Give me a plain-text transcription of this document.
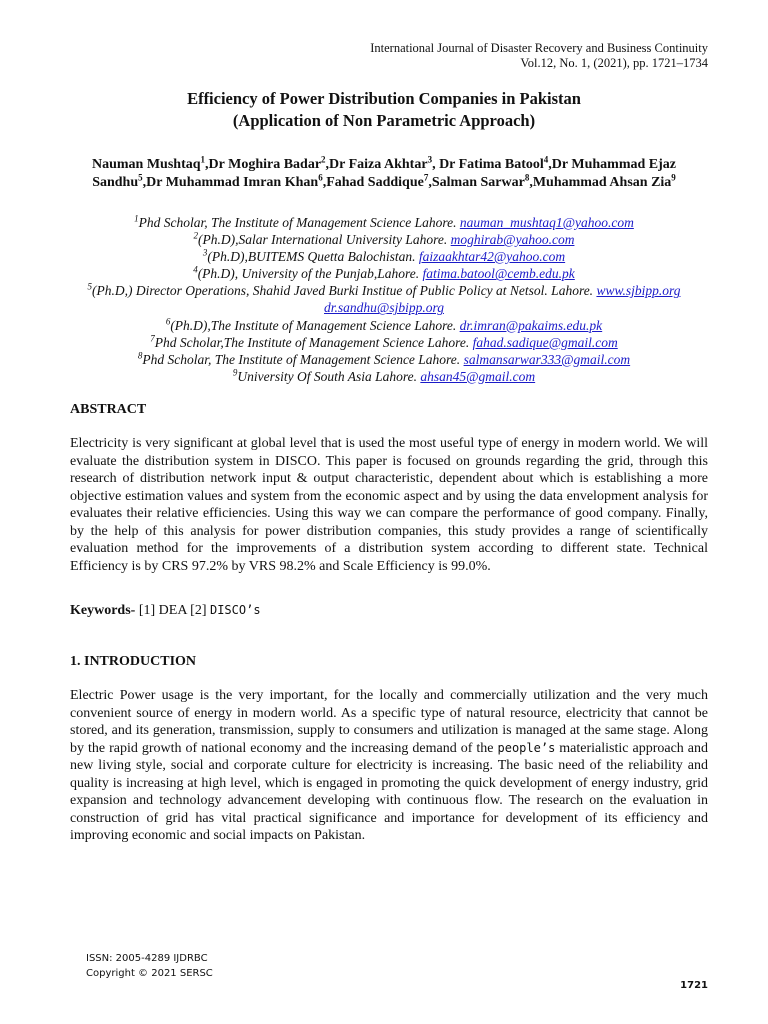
International Journal of Disaster Recovery and Business Continuity
Vol.12, No. 1, (2021), pp. 1721–1734
Efficiency of Power Distribution Companies in Pakistan
(Application of Non Parametric Approach)
Nauman Mushtaq$^1$,Dr Moghira Badar$^2$,Dr Faiza Akhtar$^3$, Dr Fatima Batool$^4$,Dr Muhammad Ejaz Sandhu$^5$,Dr Muhammad Imran Khan$^6$,Fahad Saddique$^7$,Salman Sarwar$^8$,Muhammad Ahsan Zia$^9$
$^1$Phd Scholar, The Institute of Management Science Lahore. nauman_mushtaq1@yahoo.com
$^2$(Ph.D),Salar International University Lahore. moghirab@yahoo.com
$^3$(Ph.D),BUITEMS Quetta Balochistan. faizaakhtar42@yahoo.com
$^4$(Ph.D), University of the Punjab,Lahore. fatima.batool@cemb.edu.pk
$^5$(Ph.D,) Director Operations, Shahid Javed Burki Institue of Public Policy at Netsol. Lahore. www.sjbipp.org dr.sandhu@sjbipp.org
$^6$(Ph.D),The Institute of Management Science Lahore. dr.imran@pakaims.edu.pk
$^7$Phd Scholar,The Institute of Management Science Lahore. fahad.sadique@gmail.com
$^8$Phd Scholar, The Institute of Management Science Lahore. salmansarwar333@gmail.com
$^9$University Of South Asia Lahore. ahsan45@gmail.com
ABSTRACT
Electricity is very significant at global level that is used the most useful type of energy in modern world. We will evaluate the distribution system in DISCO. This paper is focused on grounds regarding the grid, through this research of distribution network input & output characteristic, dependent about which is establishing a more objective estimation values and system from the economic aspect and by using the data envelopment analysis for evaluates their relative efficiencies. Using this way we can compare the performance of good company. Finally, by the help of this analysis for power distribution companies, this study provides a range of scientifically evaluation method for the improvements of a distribution system according to different state. Technical Efficiency is by CRS 97.2% by VRS 98.2% and Scale Efficiency is 99.0%.
Keywords- [1] DEA [2] DISCO’s
1. INTRODUCTION
Electric Power usage is the very important, for the locally and commercially utilization and the very much convenient source of energy in modern world. As a specific type of natural resource, electricity that cannot be stored, and its generation, transmission, supply to consumers and utilization is managed at the same stage. Along by the rapid growth of national economy and the increasing demand of the people’s materialistic approach and new living style, social and corporate culture for electricity is increasing. The basic need of the reliability and quality is increasing at high level, which is engaged in promoting the quick development of energy industry, grid expansion and technology advancement developing with continuous flow. The research on the evaluation in construction of grid has vital practical significance and importance for development of its efficiency and improving economic and social impacts on Pakistan.
ISSN: 2005-4289 IJDRBC
Copyright © 2021 SERSC
1721
